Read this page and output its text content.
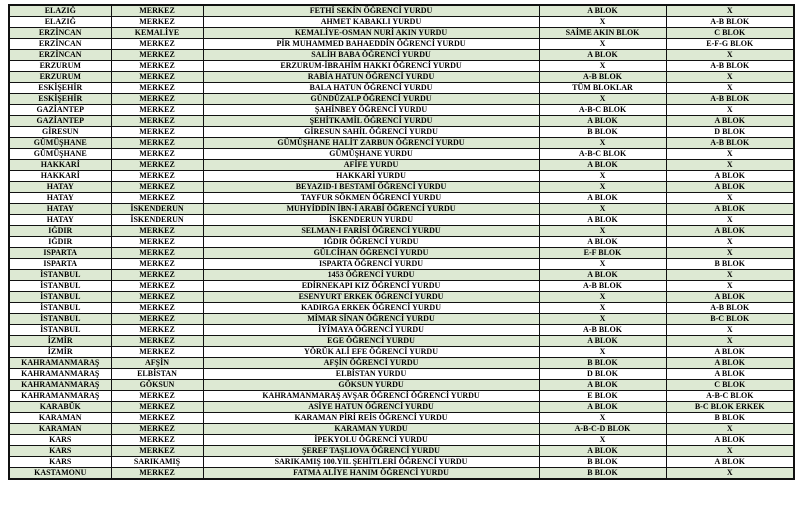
ELAZIĞ	MERKEZ	FETHİ SEKİN ÖĞRENCİ YURDU	A BLOK	X
ELAZIĞ	MERKEZ	AHMET KABAKLI YURDU	X	A-B BLOK
ERZİNCAN	KEMALİYE	KEMALİYE-OSMAN NURİ AKIN YURDU	SAİME AKIN BLOK	C BLOK
ERZİNCAN	MERKEZ	PİR MUHAMMED BAHAEDDİN ÖĞRENCİ YURDU	X	E-F-G BLOK
ERZİNCAN	MERKEZ	SALİH BABA ÖĞRENCİ YURDU	A BLOK	X
ERZURUM	MERKEZ	ERZURUM-İBRAHİM HAKKI ÖĞRENCİ YURDU	X	A-B BLOK
ERZURUM	MERKEZ	RABİA HATUN ÖĞRENCİ YURDU	A-B BLOK	X
ESKİŞEHİR	MERKEZ	BALA HATUN ÖĞRENCİ YURDU	TÜM BLOKLAR	X
ESKİŞEHİR	MERKEZ	GÜNDÜZALP ÖĞRENCİ YURDU	X	A-B BLOK
GAZİANTEP	MERKEZ	ŞAHİNBEY ÖĞRENCİ YURDU	A-B-C BLOK	X
GAZİANTEP	MERKEZ	ŞEHİTKAMİL ÖĞRENCİ YURDU	A BLOK	A BLOK
GİRESUN	MERKEZ	GİRESUN SAHİL ÖĞRENCİ YURDU	B BLOK	D BLOK
GÜMÜŞHANE	MERKEZ	GÜMÜŞHANE HALİT ZARBUN ÖĞRENCİ YURDU	X	A-B BLOK
GÜMÜŞHANE	MERKEZ	GÜMÜŞHANE YURDU	A-B-C BLOK	X
HAKKARİ	MERKEZ	AFİFE YURDU	A BLOK	X
HAKKARİ	MERKEZ	HAKKARİ YURDU	X	A BLOK
HATAY	MERKEZ	BEYAZID-I BESTAMİ ÖĞRENCİ YURDU	X	A BLOK
HATAY	MERKEZ	TAYFUR SÖKMEN ÖĞRENCİ YURDU	A BLOK	X
HATAY	İSKENDERUN	MUHYİDDİN İBN-İ ARABİ ÖĞRENCİ YURDU	X	A BLOK
HATAY	İSKENDERUN	İSKENDERUN YURDU	A BLOK	X
IĞDIR	MERKEZ	SELMAN-I FARİSİ ÖĞRENCİ YURDU	X	A BLOK
IĞDIR	MERKEZ	IĞDIR ÖĞRENCİ YURDU	A BLOK	X
ISPARTA	MERKEZ	GÜLCİHAN ÖĞRENCİ YURDU	E-F BLOK	X
ISPARTA	MERKEZ	ISPARTA ÖĞRENCİ YURDU	X	B BLOK
İSTANBUL	MERKEZ	1453 ÖĞRENCİ YURDU	A BLOK	X
İSTANBUL	MERKEZ	EDİRNEKAPI KIZ ÖĞRENCİ YURDU	A-B BLOK	X
İSTANBUL	MERKEZ	ESENYURT ERKEK ÖĞRENCİ YURDU	X	A BLOK
İSTANBUL	MERKEZ	KADIRGA ERKEK ÖĞRENCİ YURDU	X	A-B BLOK
İSTANBUL	MERKEZ	MİMAR SİNAN ÖĞRENCİ YURDU	X	B-C BLOK
İSTANBUL	MERKEZ	İYİMAYA ÖĞRENCİ YURDU	A-B BLOK	X
İZMİR	MERKEZ	EGE ÖĞRENCİ YURDU	A BLOK	X
İZMİR	MERKEZ	YÖRÜK ALİ EFE ÖĞRENCİ YURDU	X	A BLOK
KAHRAMANMARAŞ	AFŞİN	AFŞİN ÖĞRENCİ YURDU	B BLOK	A BLOK
KAHRAMANMARAŞ	ELBİSTAN	ELBİSTAN YURDU	D BLOK	A BLOK
KAHRAMANMARAŞ	GÖKSUN	GÖKSUN YURDU	A BLOK	C BLOK
KAHRAMANMARAŞ	MERKEZ	KAHRAMANMARAŞ AVŞAR ÖĞRENCİ ÖĞRENCİ YURDU	E BLOK	A-B-C BLOK
KARABÜK	MERKEZ	ASİYE HATUN ÖĞRENCİ YURDU	A BLOK	B-C BLOK ERKEK
KARAMAN	MERKEZ	KARAMAN PİRİ REİS ÖĞRENCİ YURDU	X	B BLOK
KARAMAN	MERKEZ	KARAMAN YURDU	A-B-C-D BLOK	X
KARS	MERKEZ	İPEKYOLU ÖĞRENCİ YURDU	X	A BLOK
KARS	MERKEZ	ŞEREF TAŞLIOVA ÖĞRENCİ YURDU	A BLOK	X
KARS	SARIKAMIŞ	SARIKAMIŞ 100.YIL ŞEHİTLERİ ÖĞRENCİ YURDU	B BLOK	A BLOK
KASTAMONU	MERKEZ	FATMA ALİYE HANIM ÖĞRENCİ YURDU	B BLOK	X
